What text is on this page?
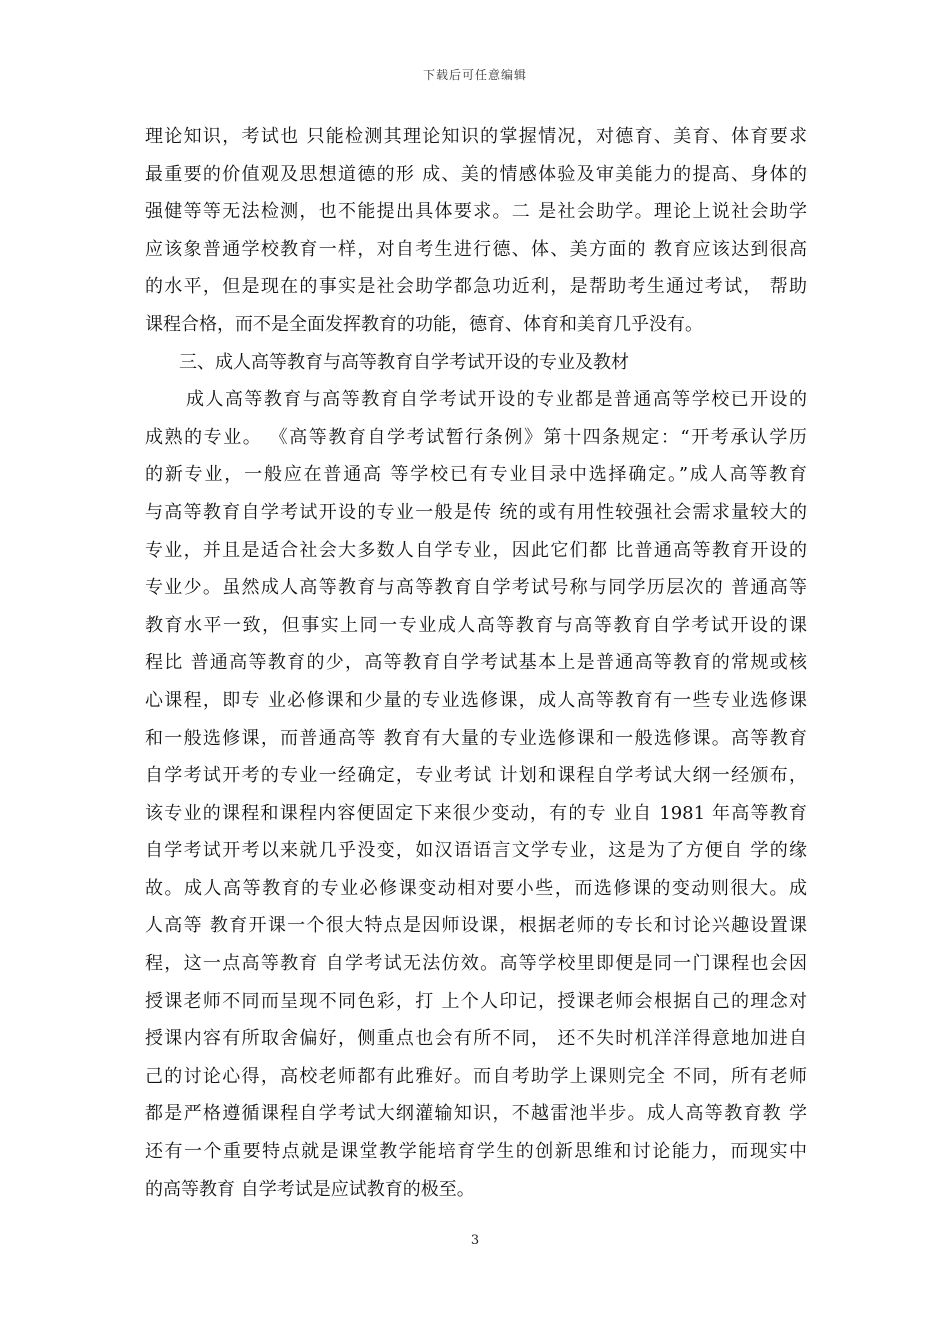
下载后可任意编辑
理论知识，考试也 只能检测其理论知识的掌握情况，对德育、美育、体育要求
最重要的价值观及思想道德的形 成、美的情感体验及审美能力的提高、身体的
强健等等无法检测，也不能提出具体要求。二 是社会助学。理论上说社会助学
应该象普通学校教育一样，对自考生进行德、体、美方面的 教育应该达到很高
的水平，但是现在的事实是社会助学都急功近利，是帮助考生通过考试， 帮助
课程合格，而不是全面发挥教育的功能，德育、体育和美育几乎没有。
三、成人高等教育与高等教育自学考试开设的专业及教材
成人高等教育与高等教育自学考试开设的专业都是普通高等学校已开设的
成熟的专业。 《高等教育自学考试暂行条例》第十四条规定：“开考承认学历
的新专业，一般应在普通高 等学校已有专业目录中选择确定。”成人高等教育
与高等教育自学考试开设的专业一般是传 统的或有用性较强社会需求量较大的
专业，并且是适合社会大多数人自学专业，因此它们都 比普通高等教育开设的
专业少。虽然成人高等教育与高等教育自学考试号称与同学历层次的 普通高等
教育水平一致，但事实上同一专业成人高等教育与高等教育自学考试开设的课
程比 普通高等教育的少，高等教育自学考试基本上是普通高等教育的常规或核
心课程，即专 业必修课和少量的专业选修课，成人高等教育有一些专业选修课
和一般选修课，而普通高等 教育有大量的专业选修课和一般选修课。高等教育
自学考试开考的专业一经确定，专业考试 计划和课程自学考试大纲一经颁布，
该专业的课程和课程内容便固定下来很少变动，有的专 业自 1981 年高等教育
自学考试开考以来就几乎没变，如汉语语言文学专业，这是为了方便自 学的缘
故。成人高等教育的专业必修课变动相对要小些，而选修课的变动则很大。成
人高等 教育开课一个很大特点是因师设课，根据老师的专长和讨论兴趣设置课
程，这一点高等教育 自学考试无法仿效。高等学校里即便是同一门课程也会因
授课老师不同而呈现不同色彩，打 上个人印记，授课老师会根据自己的理念对
授课内容有所取舍偏好，侧重点也会有所不同， 还不失时机洋洋得意地加进自
己的讨论心得，高校老师都有此雅好。而自考助学上课则完全 不同，所有老师
都是严格遵循课程自学考试大纲灌输知识，不越雷池半步。成人高等教育教 学
还有一个重要特点就是课堂教学能培育学生的创新思维和讨论能力，而现实中
的高等教育 自学考试是应试教育的极至。
3
